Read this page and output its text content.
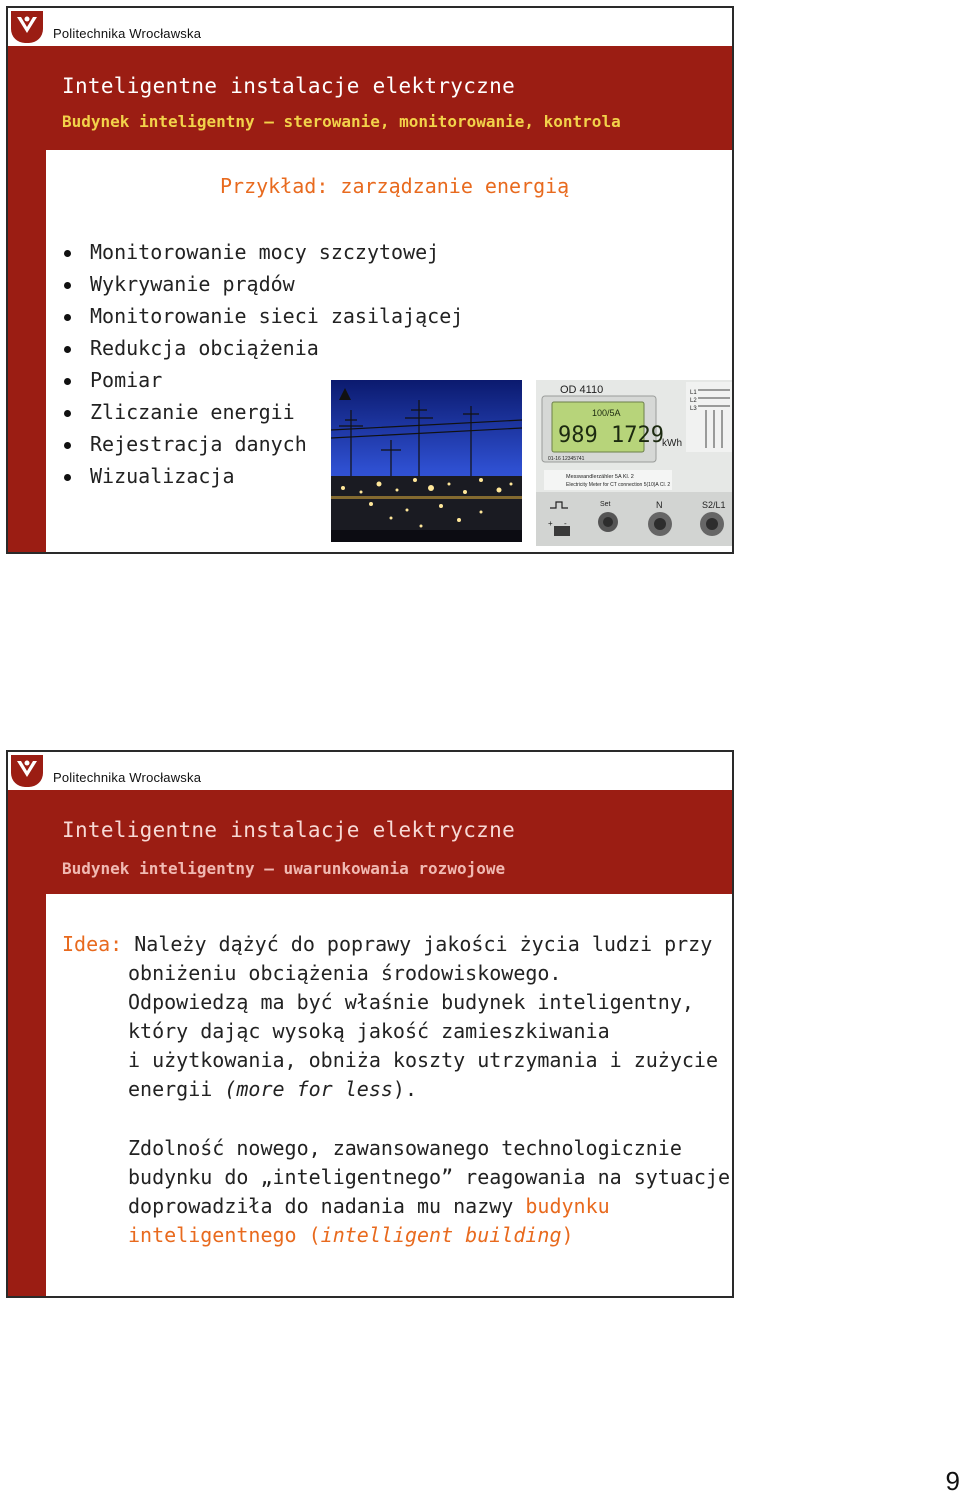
Politechnika Wrocławska
Inteligentne instalacje elektryczne
Budynek inteligentny – sterowanie, monitorowanie, kontrola
Przykład: zarządzanie energią
Monitorowanie mocy szczytowej
Wykrywanie prądów
Monitorowanie sieci zasilającej
Redukcja obciążenia
Pomiar
Zliczanie energii
Rejestracja danych
Wizualizacja
OD 4110
100/5A
989 1729
kWh
L1
L2
L3
01-16 12345741
Messwandlerzähler 5A Kl. 2
Electricity Meter for CT connection 5(10)A Cl. 2
Set	N	S2/L1
+ -
Politechnika Wrocławska
Inteligentne instalacje elektryczne
Budynek inteligentny – uwarunkowania rozwojowe
Idea: Należy dążyć do poprawy jakości życia ludzi przy
obniżeniu obciążenia środowiskowego.
Odpowiedzą ma być właśnie budynek inteligentny,
który dając wysoką jakość zamieszkiwania
i użytkowania, obniża koszty utrzymania i zużycie
energii (more for less).
Zdolność nowego, zawansowanego technologicznie
budynku do „inteligentnego” reagowania na sytuacje
doprowadziła do nadania mu nazwy budynku
inteligentnego (intelligent building)
9
